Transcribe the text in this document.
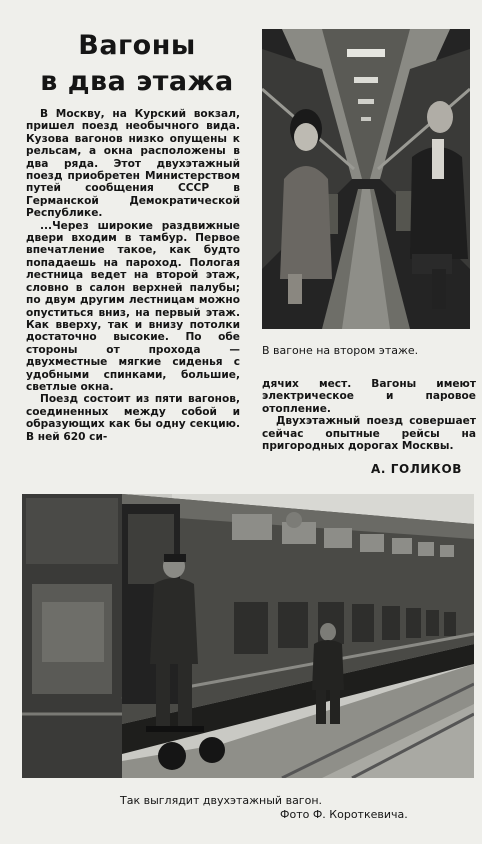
Вагоны
в два этажа

В Москву, на Курский вокзал, пришел поезд необычного вида. Кузова вагонов низко опущены к рельсам, а окна расположены в два ряда. Этот двухэтажный поезд приобретен Министерством путей сообщения СССР в Германской Демократической Республике.

...Через широкие раздвижные двери входим в тамбур. Первое впечатление такое, как будто попадаешь на пароход. Пологая лестница ведет на второй этаж, словно в салон верхней палубы; по двум другим лестницам можно опуститься вниз, на первый этаж. Как вверху, так и внизу потолки достаточно высокие. По обе стороны от прохода — двухместные мягкие сиденья с удобными спинками, большие, светлые окна.

Поезд состоит из пяти вагонов, соединенных между собой и образующих как бы одну секцию. В ней 620 си-

В вагоне на втором этаже.

дячих мест. Вагоны имеют электрическое и паровое отопление.

Двухэтажный поезд совершает сейчас опытные рейсы на пригородных дорогах Москвы.

А. ГОЛИКОВ
Так выглядит двухэтажный вагон.
Фото Ф. Короткевича.
